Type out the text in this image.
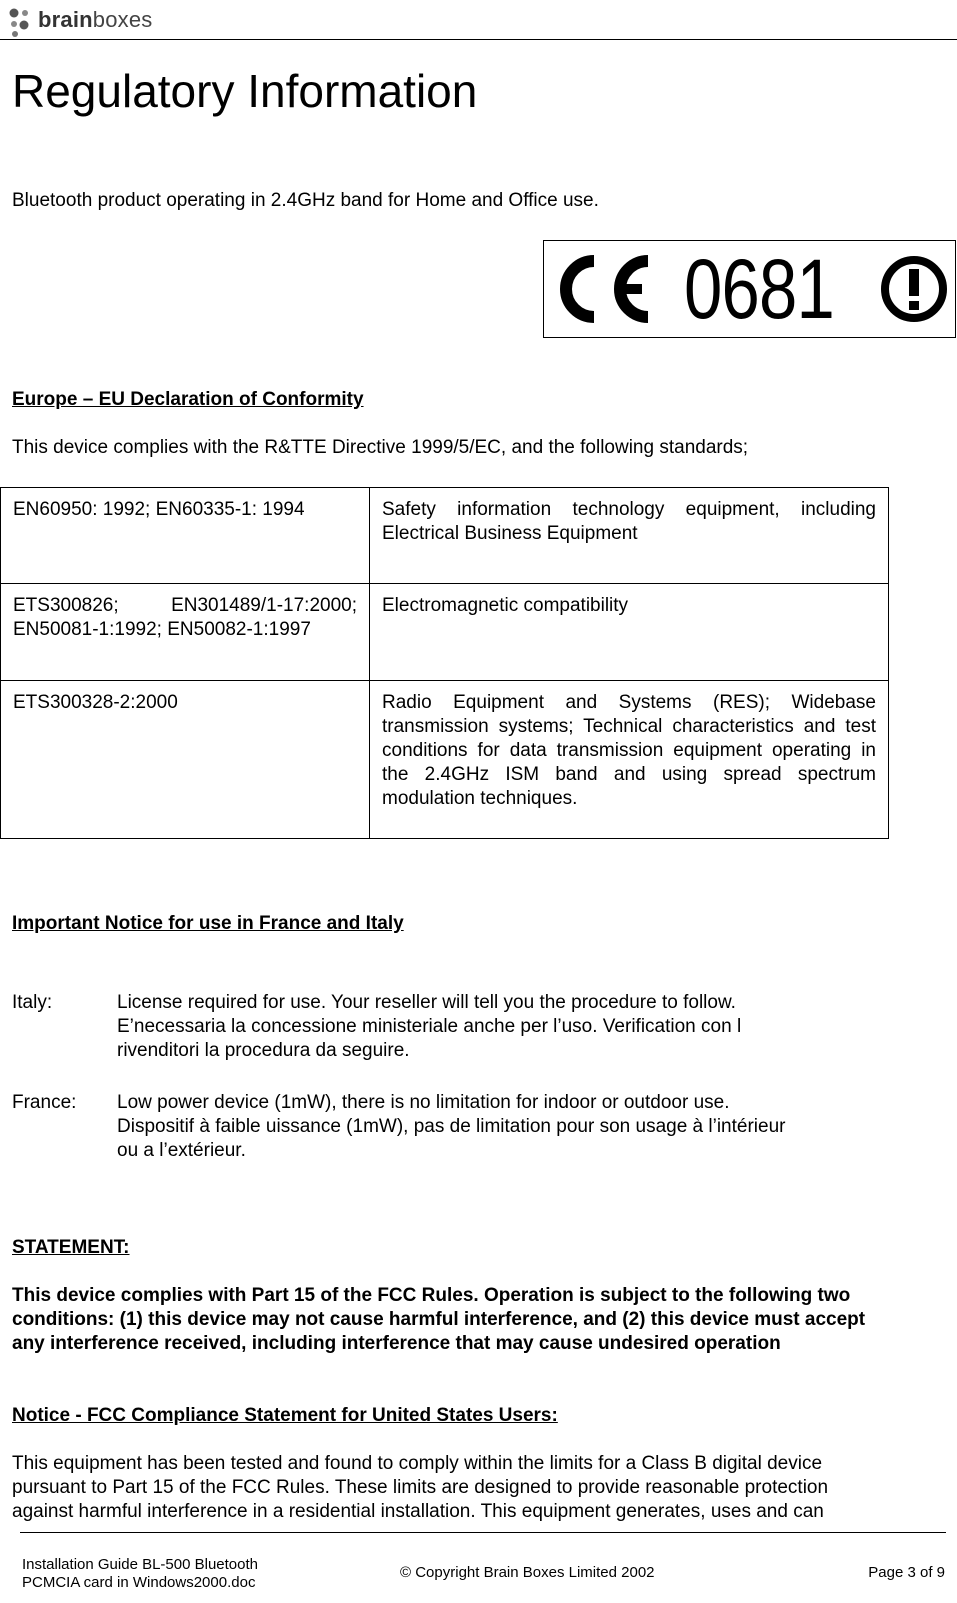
brainboxes
Regulatory Information
Bluetooth product operating in 2.4GHz band for Home and Office use.
0681
Europe – EU Declaration of Conformity
This device complies with the R&TTE Directive 1999/5/EC, and the following standards;
EN60950: 1992; EN60335-1: 1994	Safety information technology equipment, including Electrical Business Equipment
ETS300826; EN301489/1-17:2000; EN50081-1:1992; EN50082-1:1997	Electromagnetic compatibility
ETS300328-2:2000	Radio Equipment and Systems (RES); Widebase transmission systems; Technical characteristics and test conditions for data transmission equipment operating in the 2.4GHz ISM band and using spread spectrum modulation techniques.
Important Notice for use in France and Italy
Italy:	License required for use. Your reseller will tell you the procedure to follow.
E’necessaria la concessione ministeriale anche per l’uso. Verification con l
rivenditori la procedura da seguire.
France: Low power device (1mW), there is no limitation for indoor or outdoor use.
Dispositif à faible uissance (1mW), pas de limitation pour son usage à l’intérieur
ou a l’extérieur.
STATEMENT:
This device complies with Part 15 of the FCC Rules. Operation is subject to the following two
conditions: (1) this device may not cause harmful interference, and (2) this device must accept
any interference received, including interference that may cause undesired operation
Notice - FCC Compliance Statement for United States Users:
This equipment has been tested and found to comply within the limits for a Class B digital device
pursuant to Part 15 of the FCC Rules. These limits are designed to provide reasonable protection
against harmful interference in a residential installation. This equipment generates, uses and can
Installation Guide BL-500 Bluetooth
PCMCIA card in Windows2000.doc
© Copyright Brain Boxes Limited 2002	Page 3 of 9
